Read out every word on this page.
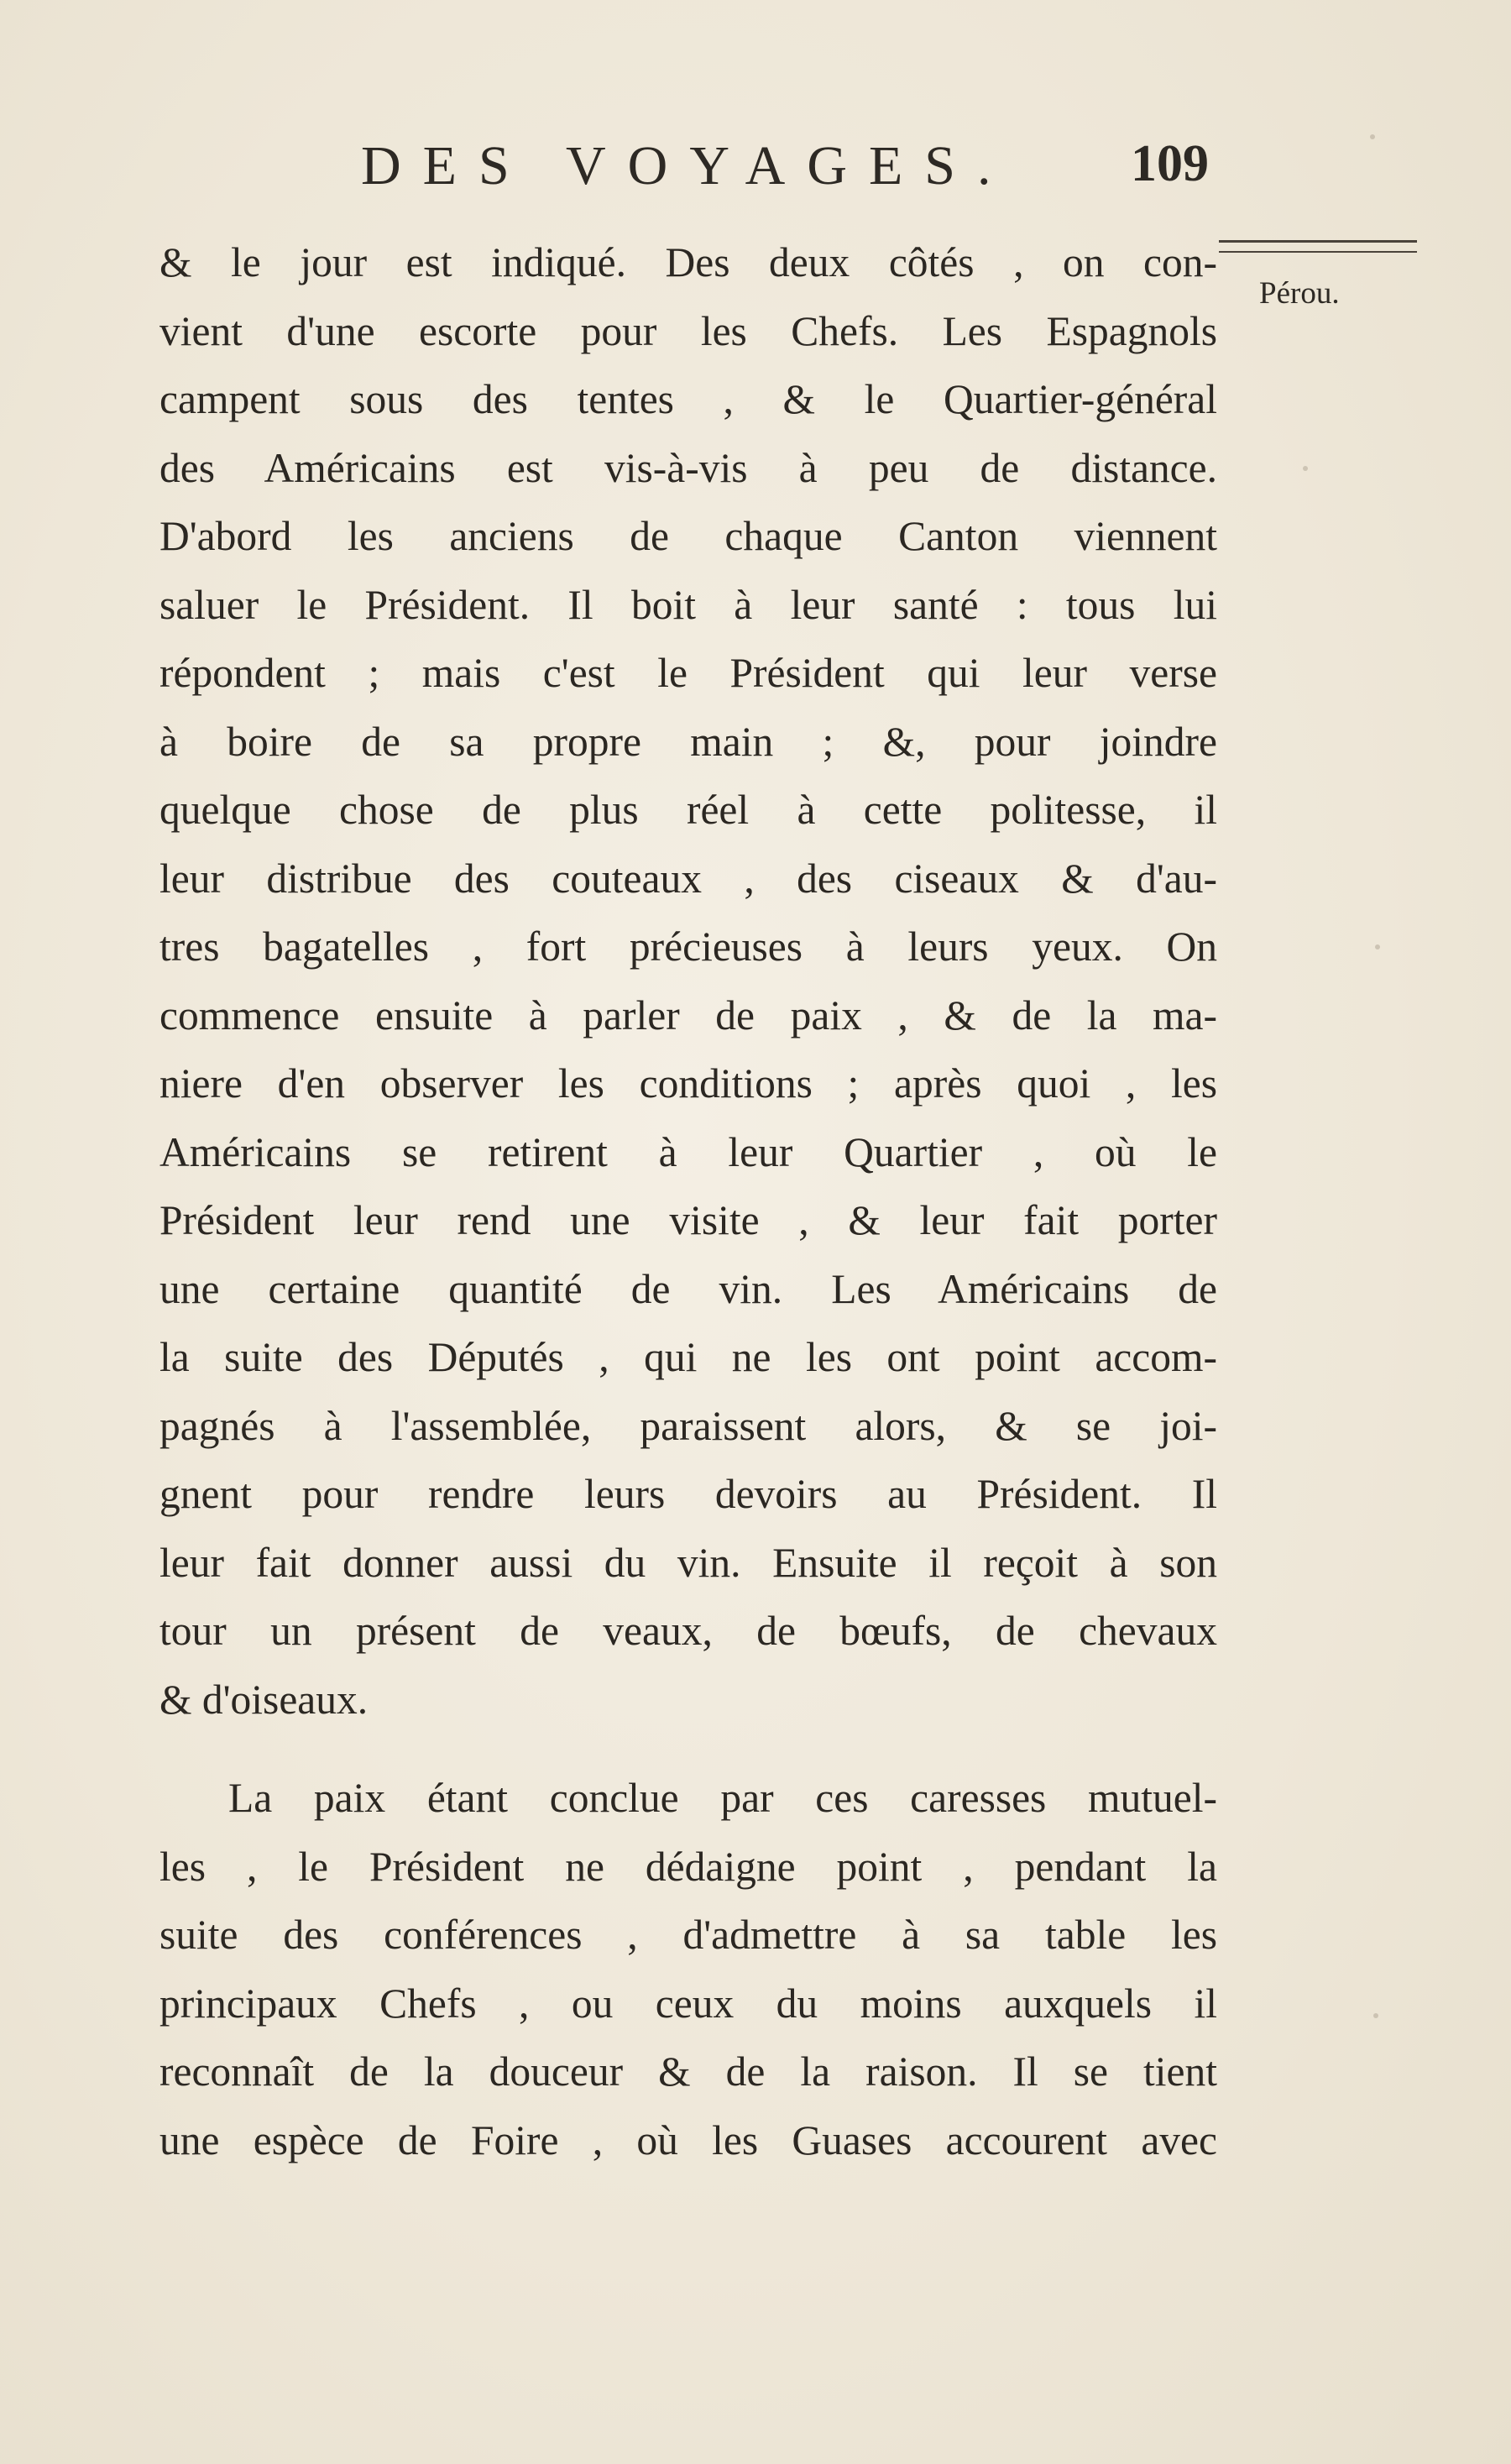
DES VOYAGES. 109
Pérou.
& le jour est indiqué. Des deux côtés , on con-
vient d'une escorte pour les Chefs. Les Espagnols
campent sous des tentes , & le Quartier-général
des Américains est vis-à-vis à peu de distance.
D'abord les anciens de chaque Canton viennent
saluer le Président. Il boit à leur santé : tous lui
répondent ; mais c'est le Président qui leur verse
à boire de sa propre main ; &, pour joindre
quelque chose de plus réel à cette politesse, il
leur distribue des couteaux , des ciseaux & d'au-
tres bagatelles , fort précieuses à leurs yeux. On
commence ensuite à parler de paix , & de la ma-
niere d'en observer les conditions ; après quoi , les
Américains se retirent à leur Quartier , où le
Président leur rend une visite , & leur fait porter
une certaine quantité de vin. Les Américains de
la suite des Députés , qui ne les ont point accom-
pagnés à l'assemblée, paraissent alors, & se joi-
gnent pour rendre leurs devoirs au Président. Il
leur fait donner aussi du vin. Ensuite il reçoit à son
tour un présent de veaux, de bœufs, de chevaux
& d'oiseaux.
La paix étant conclue par ces caresses mutuel-
les , le Président ne dédaigne point , pendant la
suite des conférences , d'admettre à sa table les
principaux Chefs , ou ceux du moins auxquels il
reconnaît de la douceur & de la raison. Il se tient
une espèce de Foire , où les Guases accourent avec
